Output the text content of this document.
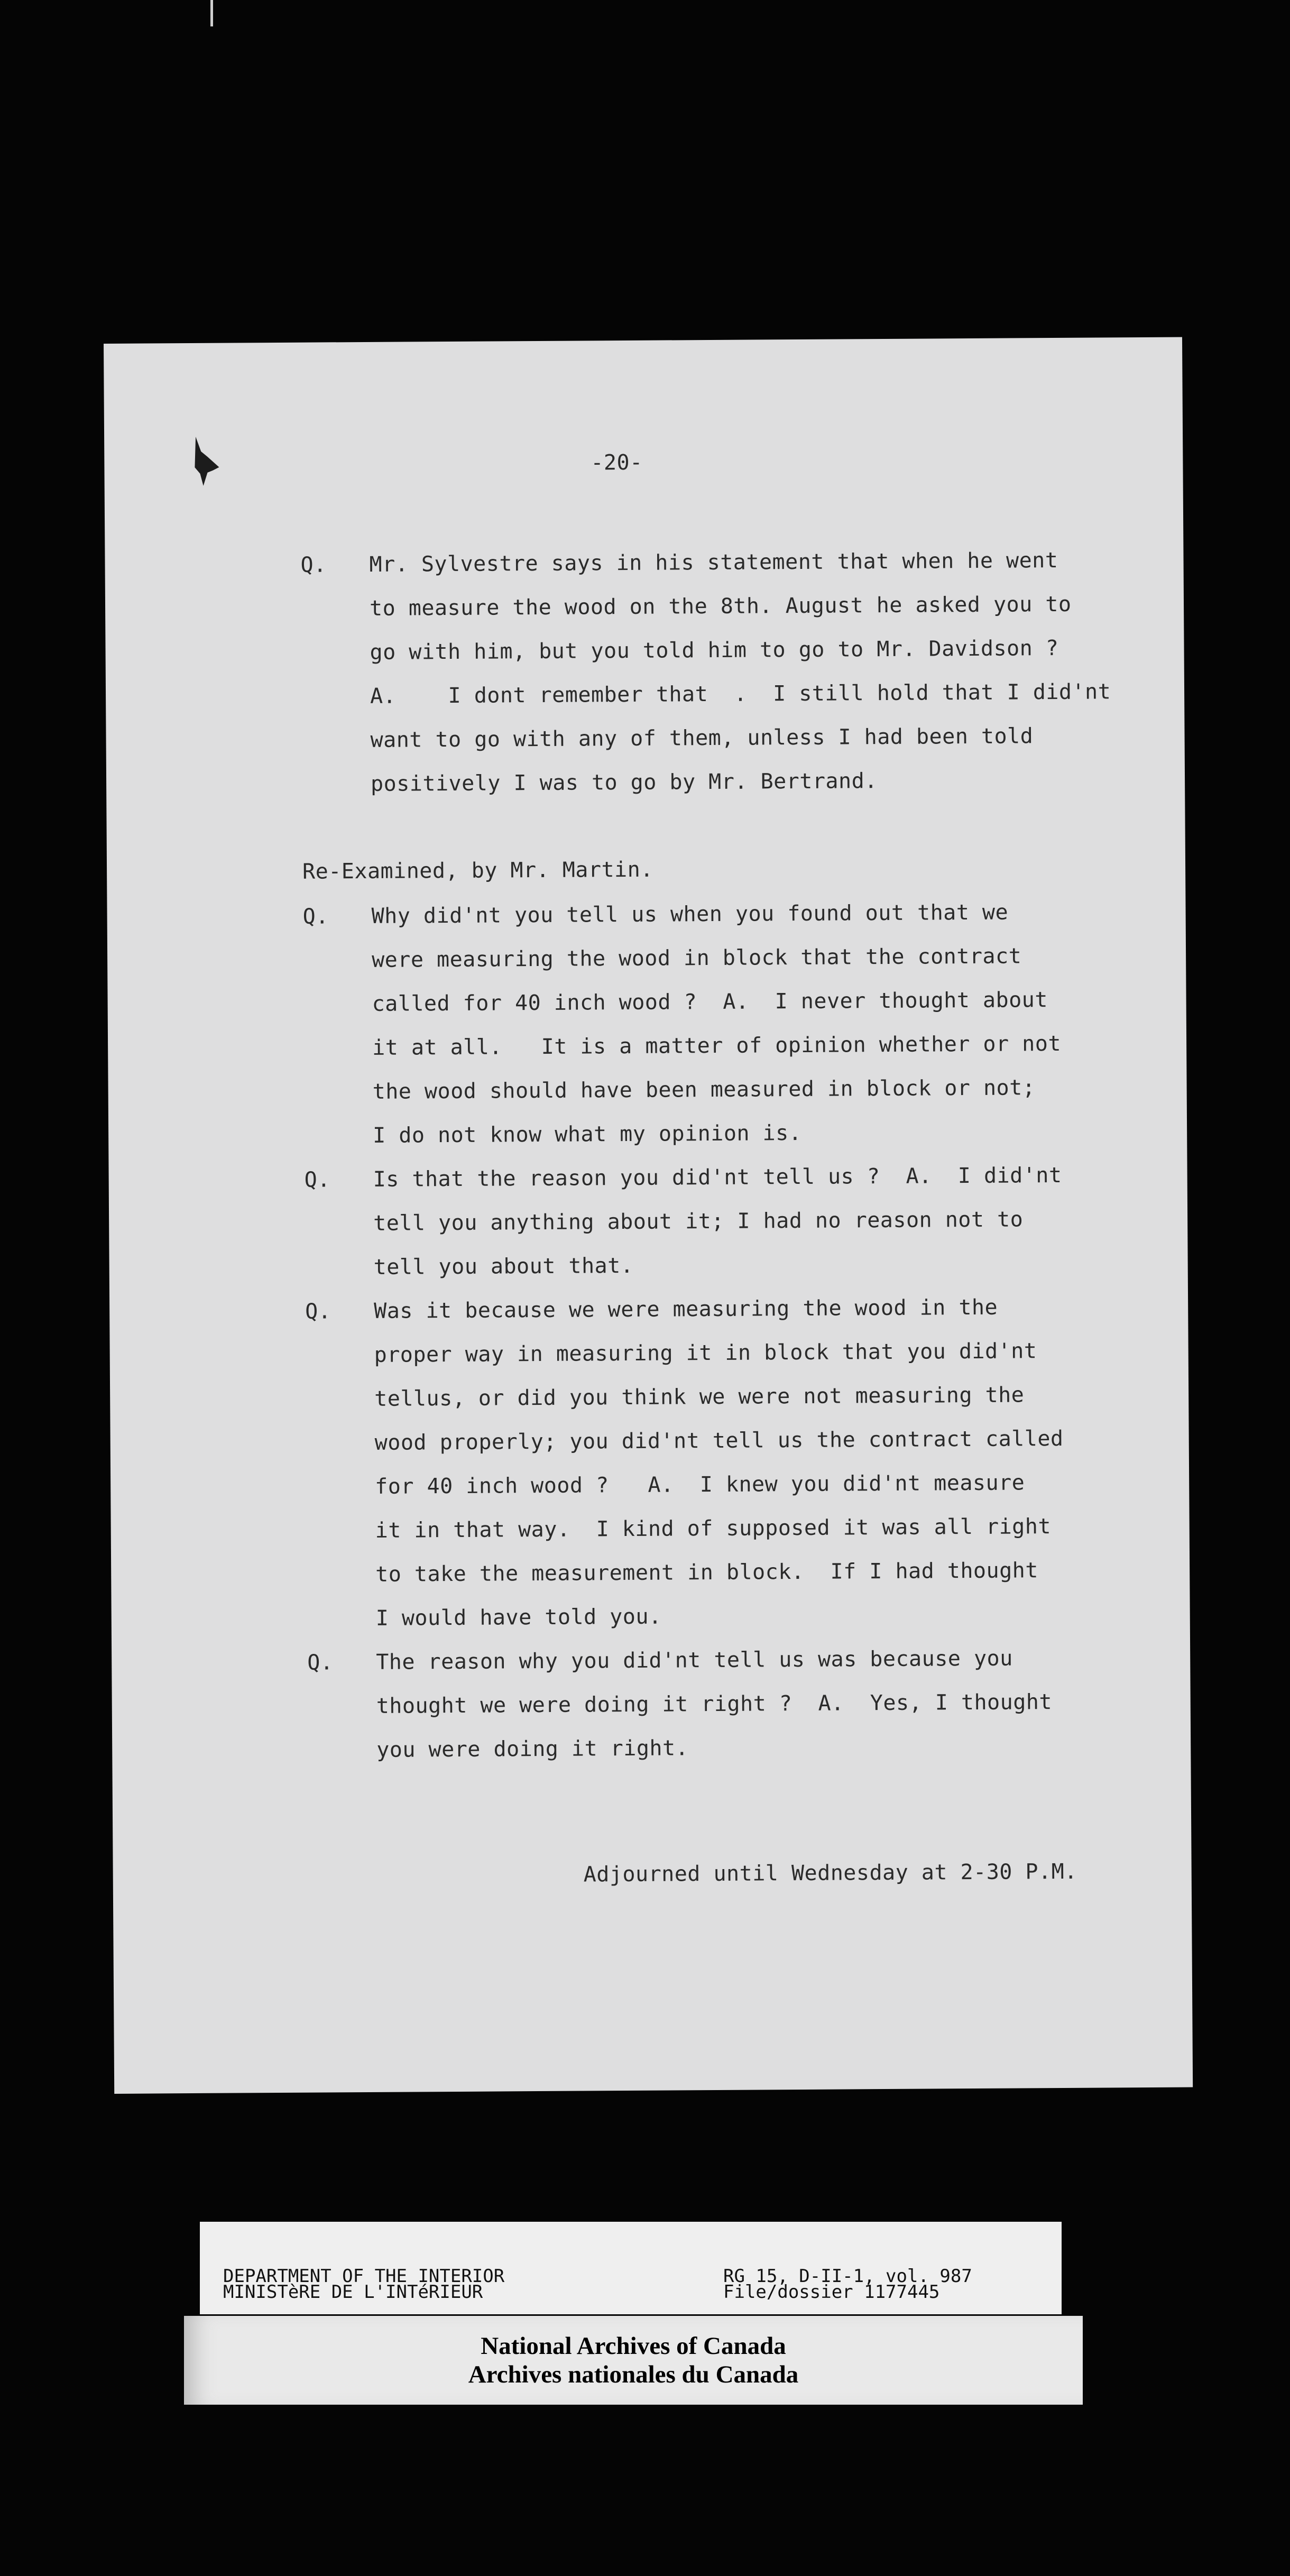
-20-
Q. Mr. Sylvestre says in his statement that when he went
to measure the wood on the 8th. August he asked you to
go with him, but you told him to go to Mr. Davidson ?
A.    I dont remember that  .  I still hold that I did'nt
want to go with any of them, unless I had been told
positively I was to go by Mr. Bertrand.
Re-Examined, by Mr. Martin.
Q. Why did'nt you tell us when you found out that we
were measuring the wood in block that the contract
called for 40 inch wood ?  A.  I never thought about
it at all.   It is a matter of opinion whether or not
the wood should have been measured in block or not;
I do not know what my opinion is.
Q. Is that the reason you did'nt tell us ?  A.  I did'nt
tell you anything about it; I had no reason not to
tell you about that.
Q. Was it because we were measuring the wood in the
proper way in measuring it in block that you did'nt
tellus, or did you think we were not measuring the
wood properly; you did'nt tell us the contract called
for 40 inch wood ?   A.  I knew you did'nt measure
it in that way.  I kind of supposed it was all right
to take the measurement in block.  If I had thought
I would have told you.
Q. The reason why you did'nt tell us was because you
thought we were doing it right ?  A.  Yes, I thought
you were doing it right.
Adjourned until Wednesday at 2-30 P.M.
DEPARTMENT OF THE INTERIOR
MINISTèRE DE L'INTéRIEUR
RG 15, D-II-1, vol. 987
File/dossier 1177445
National Archives of Canada
Archives nationales du Canada
